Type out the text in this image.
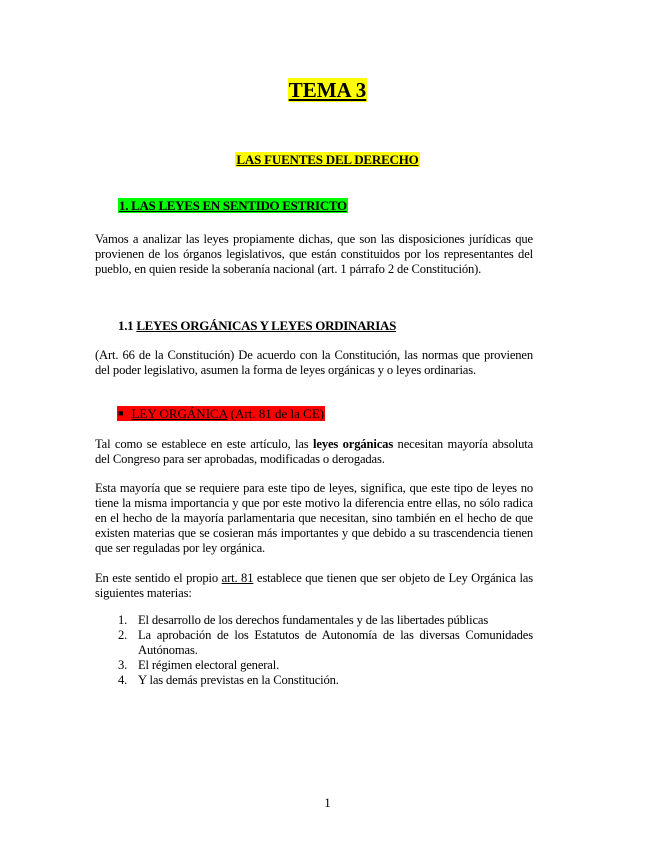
TEMA 3
LAS FUENTES DEL DERECHO
1. LAS LEYES EN SENTIDO ESTRICTO
Vamos a analizar las leyes propiamente dichas, que son las disposiciones jurídicas que provienen de los órganos legislativos, que están constituidos por los representantes del pueblo, en quien reside la soberanía nacional (art. 1 párrafo 2 de Constitución).
1.1 LEYES ORGÁNICAS Y LEYES ORDINARIAS
(Art. 66 de la Constitución) De acuerdo con la Constitución, las normas que provienen del poder legislativo, asumen la forma de leyes orgánicas y o leyes ordinarias.
■ LEY ORGÁNICA (Art. 81 de la CE)
Tal como se establece en este artículo, las leyes orgánicas necesitan mayoría absoluta del Congreso para ser aprobadas, modificadas o derogadas.
Esta mayoría que se requiere para este tipo de leyes, significa, que este tipo de leyes no tiene la misma importancia y que por este motivo la diferencia entre ellas, no sólo radica en el hecho de la mayoría parlamentaria que necesitan, sino también en el hecho de que existen materias que se cosieran más importantes y que debido a su trascendencia tienen que ser reguladas por ley orgánica.
En este sentido el propio art. 81 establece que tienen que ser objeto de Ley Orgánica las siguientes materias:
1. El desarrollo de los derechos fundamentales y de las libertades públicas
2. La aprobación de los Estatutos de Autonomía de las diversas Comunidades Autónomas.
3. El régimen electoral general.
4. Y las demás previstas en la Constitución.
1
